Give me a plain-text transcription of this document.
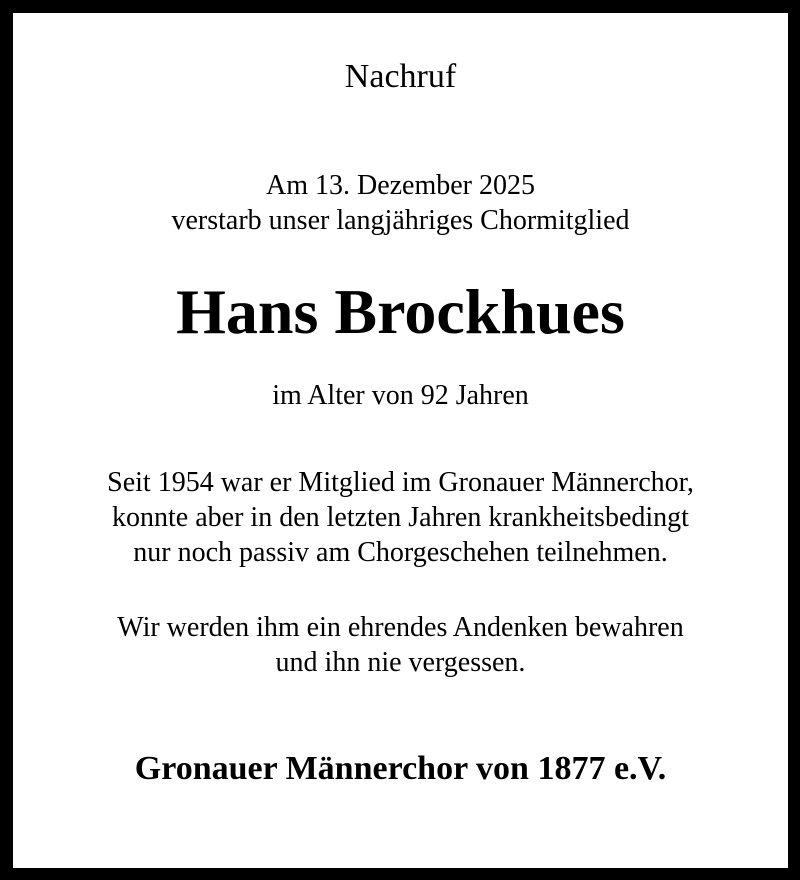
Nachruf
Am 13. Dezember 2025
verstarb unser langjähriges Chormitglied
Hans Brockhues
im Alter von 92 Jahren
Seit 1954 war er Mitglied im Gronauer Männerchor,
konnte aber in den letzten Jahren krankheitsbedingt
nur noch passiv am Chorgeschehen teilnehmen.
Wir werden ihm ein ehrendes Andenken bewahren
und ihn nie vergessen.
Gronauer Männerchor von 1877 e.V.
